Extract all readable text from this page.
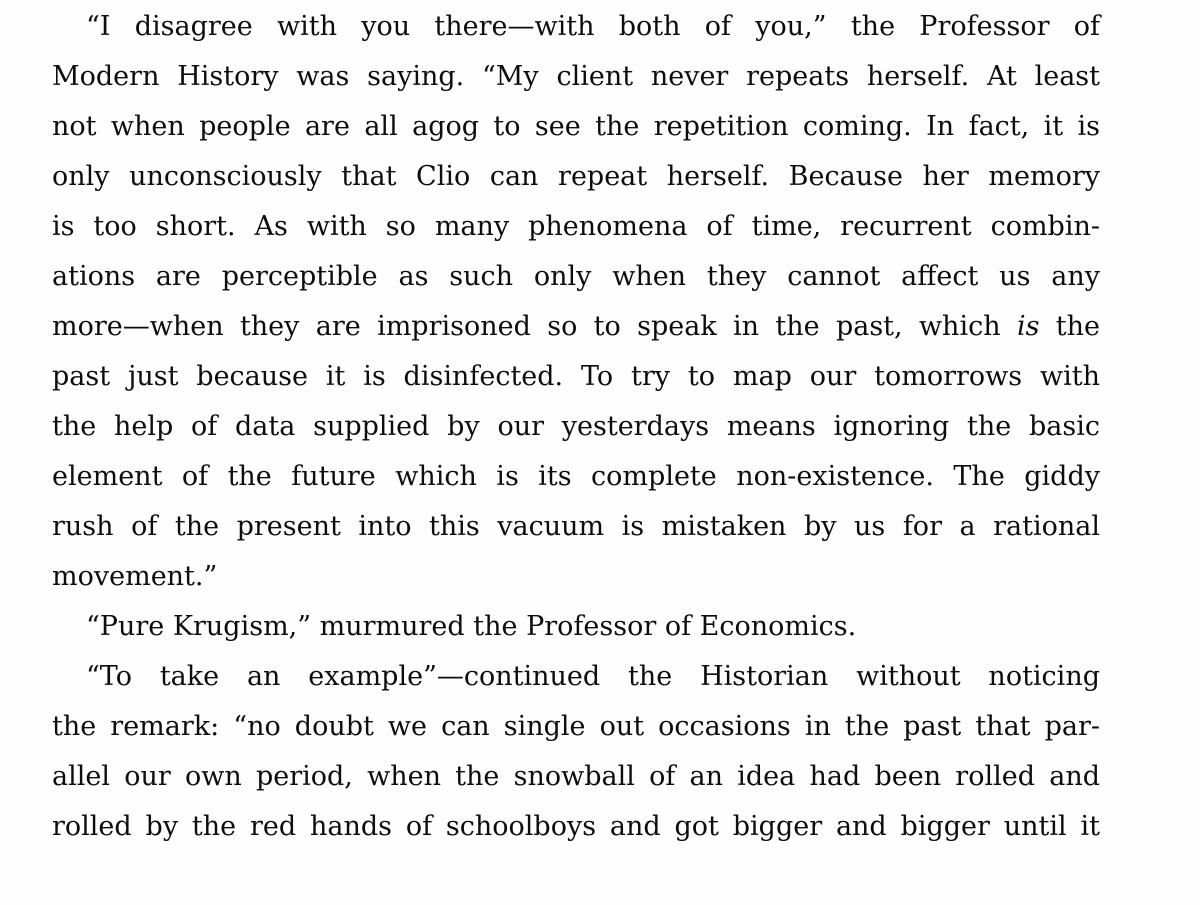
“I disagree with you there—with both of you,” the Professor of
Modern History was saying. “My client never repeats herself. At least
not when people are all agog to see the repetition coming. In fact, it is
only unconsciously that Clio can repeat herself. Because her memory
is too short. As with so many phenomena of time, recurrent combin-
ations are perceptible as such only when they cannot affect us any
more—when they are imprisoned so to speak in the past, which is the
past just because it is disinfected. To try to map our tomorrows with
the help of data supplied by our yesterdays means ignoring the basic
element of the future which is its complete non-existence. The giddy
rush of the present into this vacuum is mistaken by us for a rational
movement.”
“Pure Krugism,” murmured the Professor of Economics.
“To take an example”—continued the Historian without noticing
the remark: “no doubt we can single out occasions in the past that par-
allel our own period, when the snowball of an idea had been rolled and
rolled by the red hands of schoolboys and got bigger and bigger until it
